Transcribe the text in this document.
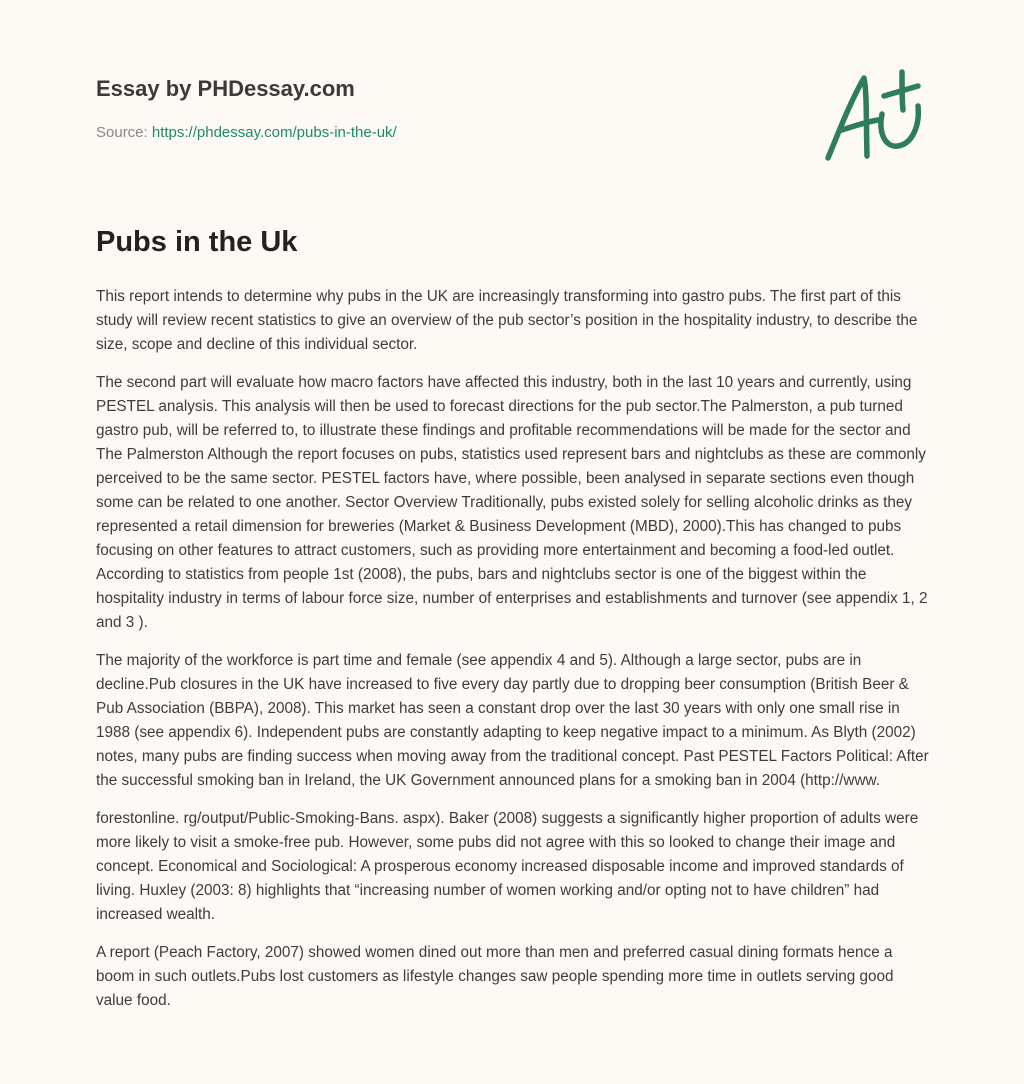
Essay by PHDessay.com
Source: https://phdessay.com/pubs-in-the-uk/
Pubs in the Uk

This report intends to determine why pubs in the UK are increasingly transforming into gastro pubs. The first part of this study will review recent statistics to give an overview of the pub sector’s position in the hospitality industry, to describe the size, scope and decline of this individual sector.

The second part will evaluate how macro factors have affected this industry, both in the last 10 years and currently, using PESTEL analysis. This analysis will then be used to forecast directions for the pub sector.The Palmerston, a pub turned gastro pub, will be referred to, to illustrate these findings and profitable recommendations will be made for the sector and The Palmerston Although the report focuses on pubs, statistics used represent bars and nightclubs as these are commonly perceived to be the same sector. PESTEL factors have, where possible, been analysed in separate sections even though some can be related to one another. Sector Overview Traditionally, pubs existed solely for selling alcoholic drinks as they represented a retail dimension for breweries (Market & Business Development (MBD), 2000).This has changed to pubs focusing on other features to attract customers, such as providing more entertainment and becoming a food-led outlet. According to statistics from people 1st (2008), the pubs, bars and nightclubs sector is one of the biggest within the hospitality industry in terms of labour force size, number of enterprises and establishments and turnover (see appendix 1, 2 and 3 ).

The majority of the workforce is part time and female (see appendix 4 and 5). Although a large sector, pubs are in decline.Pub closures in the UK have increased to five every day partly due to dropping beer consumption (British Beer & Pub Association (BBPA), 2008). This market has seen a constant drop over the last 30 years with only one small rise in 1988 (see appendix 6). Independent pubs are constantly adapting to keep negative impact to a minimum. As Blyth (2002) notes, many pubs are finding success when moving away from the traditional concept. Past PESTEL Factors Political: After the successful smoking ban in Ireland, the UK Government announced plans for a smoking ban in 2004 (http://www.

forestonline. rg/output/Public-Smoking-Bans. aspx). Baker (2008) suggests a significantly higher proportion of adults were more likely to visit a smoke-free pub. However, some pubs did not agree with this so looked to change their image and concept. Economical and Sociological: A prosperous economy increased disposable income and improved standards of living. Huxley (2003: 8) highlights that “increasing number of women working and/or opting not to have children” had increased wealth.

A report (Peach Factory, 2007) showed women dined out more than men and preferred casual dining formats hence a boom in such outlets.Pubs lost customers as lifestyle changes saw people spending more time in outlets serving good value food.
